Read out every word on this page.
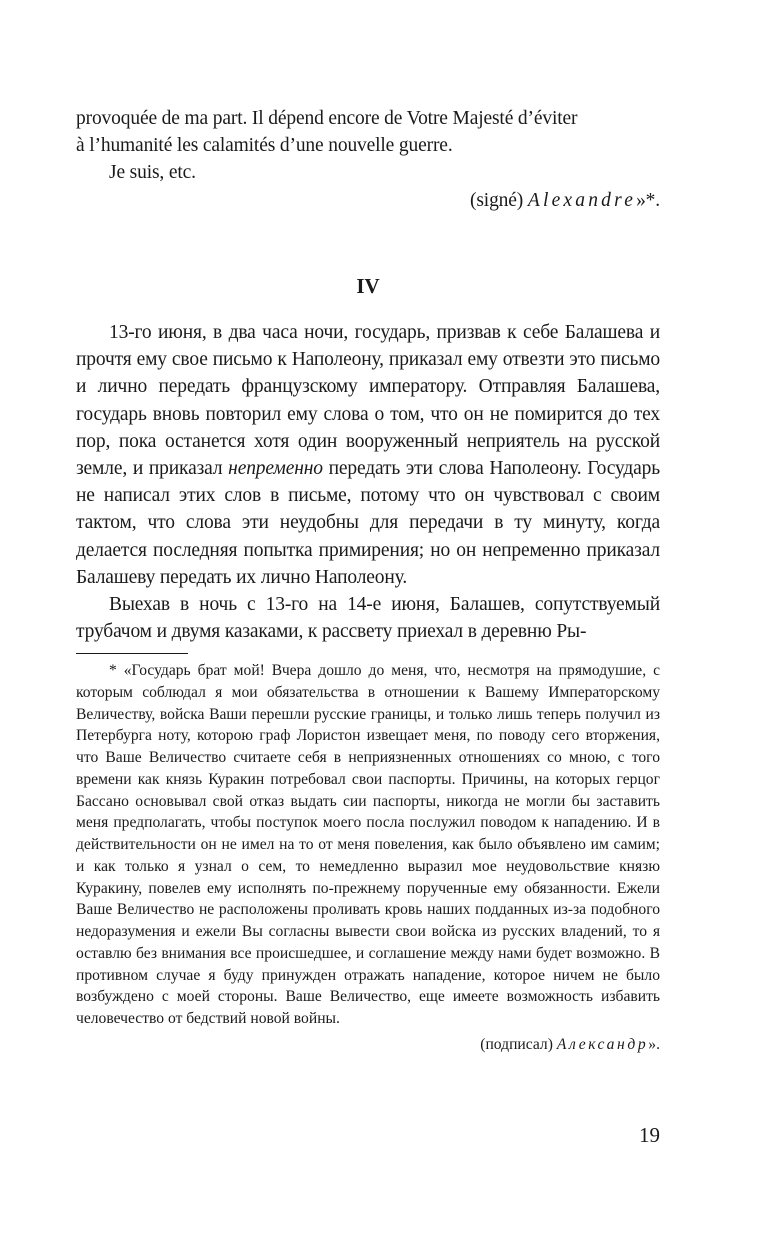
provoquée de ma part. Il dépend encore de Votre Majesté d’éviter
à l’humanité les calamités d’une nouvelle guerre.

Je suis, etc.

(signé) Alexandre»*.

IV

13-го июня, в два часа ночи, государь, призвав к себе Балашева и прочтя ему свое письмо к Наполеону, приказал ему отвезти это письмо и лично передать французскому императору. Отправляя Балашева, государь вновь повторил ему слова о том, что он не помирится до тех пор, пока останется хотя один вооруженный неприятель на русской земле, и приказал непременно передать эти слова Наполеону. Государь не написал этих слов в письме, потому что он чувствовал с своим тактом, что слова эти неудобны для передачи в ту минуту, когда делается последняя попытка примирения; но он непременно приказал Балашеву передать их лично Наполеону.

Выехав в ночь с 13-го на 14-е июня, Балашев, сопутствуемый трубачом и двумя казаками, к рассвету приехал в деревню Ры-

* «Государь брат мой! Вчера дошло до меня, что, несмотря на прямодушие, с которым соблюдал я мои обязательства в отношении к Вашему Императорскому Величеству, войска Ваши перешли русские границы, и только лишь теперь получил из Петербурга ноту, которою граф Лористон извещает меня, по поводу сего вторжения, что Ваше Величество считаете себя в неприязненных отношениях со мною, с того времени как князь Куракин потребовал свои паспорты. Причины, на которых герцог Бассано основывал свой отказ выдать сии паспорты, никогда не могли бы заставить меня предполагать, чтобы поступок моего посла послужил поводом к нападению. И в действительности он не имел на то от меня повеления, как было объявлено им самим; и как только я узнал о сем, то немедленно выразил мое неудовольствие князю Куракину, повелев ему исполнять по-прежнему порученные ему обязанности. Ежели Ваше Величество не расположены проливать кровь наших подданных из-за подобного недоразумения и ежели Вы согласны вывести свои войска из русских владений, то я оставлю без внимания все происшедшее, и соглашение между нами будет возможно. В противном случае я буду принужден отражать нападение, которое ничем не было возбуждено с моей стороны. Ваше Величество, еще имеете возможность избавить человечество от бедствий новой войны.

(подписал) Александр».

19
